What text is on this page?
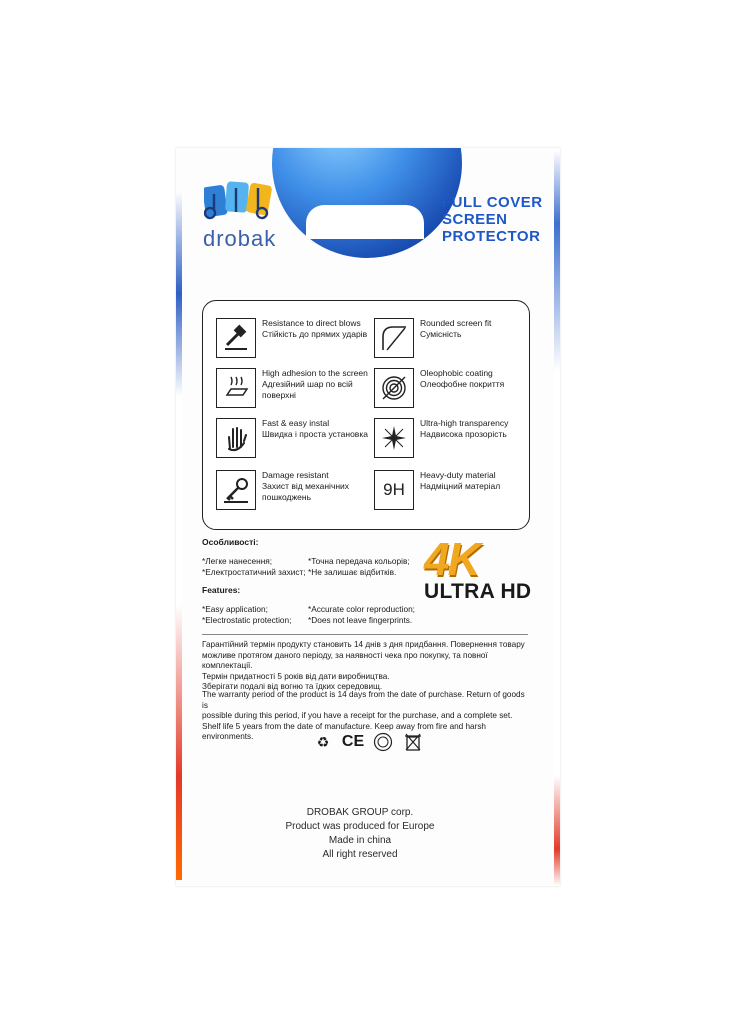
drobak
FULL COVER
SCREEN
PROTECTOR
Resistance to direct blows
Стійкість до прямих ударів
High adhesion to the screen
Адгезійний шар по всій поверхні
Fast & easy instal
Швидка і проста установка
Damage resistant
Захист від механічних пошкоджень
Rounded screen fit
Сумісність
Oleophobic coating
Олеофобне покриття
Ultra-high transparency
Надвисока прозорість
9H
Heavy-duty material
Надміцний матеріал
Особливості:
*Легке нанесення;
*Електростатичний захист;
*Точна передача кольорів;
*Не залишає відбитків.
Features:
*Easy application;
*Electrostatic protection;
*Accurate color reproduction;
*Does not leave fingerprints.
4K
ULTRA HD
Гарантійний термін продукту становить 14 днів з дня придбання. Повернення товару
можливе протягом даного періоду, за наявності чека про покупку, та повної комплектації.
Термін придатності 5 років від дати виробництва.
Зберігати подалі від вогню та їдких середовищ.
The warranty period of the product is 14 days from the date of purchase. Return of goods is
possible during this period, if you have a receipt for the purchase, and a complete set.
Shelf life 5 years from the date of manufacture. Keep away from fire and harsh environments.	♻ CE
DROBAK GROUP corp.
Product was produced for Europe
Made in china
All right reserved
